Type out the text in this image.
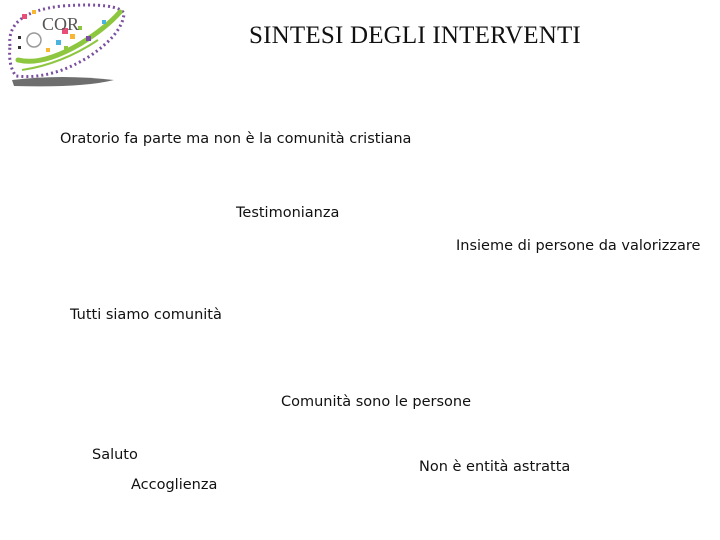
COR	SINTESI DEGLI INTERVENTI
Oratorio fa parte ma non è la comunità cristiana
Testimonianza
Insieme di persone da valorizzare
Tutti siamo comunità
Comunità sono le persone
Saluto
Non è entità astratta
Accoglienza
